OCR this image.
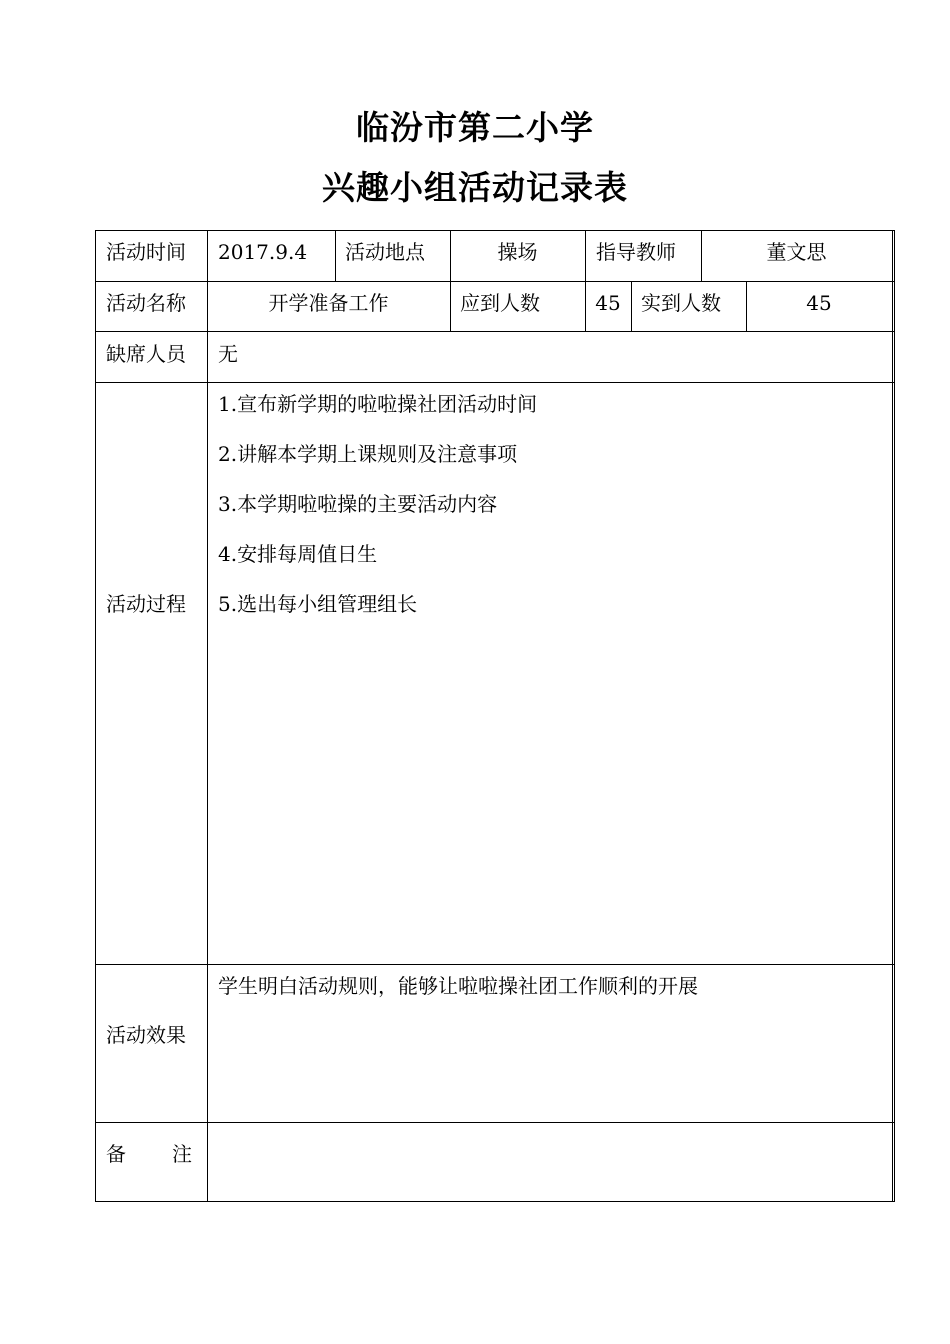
临汾市第二小学
兴趣小组活动记录表
活动时间 2017.9.4 活动地点	操场	指导教师	董文思
活动名称	开学准备工作	应到人数	45	实到人数	45
缺席人员 无
活动过程
1.宣布新学期的啦啦操社团活动时间
2.讲解本学期上课规则及注意事项
3.本学期啦啦操的主要活动内容
4.安排每周值日生
5.选出每小组管理组长
活动效果
学生明白活动规则，能够让啦啦操社团工作顺利的开展
备 注
